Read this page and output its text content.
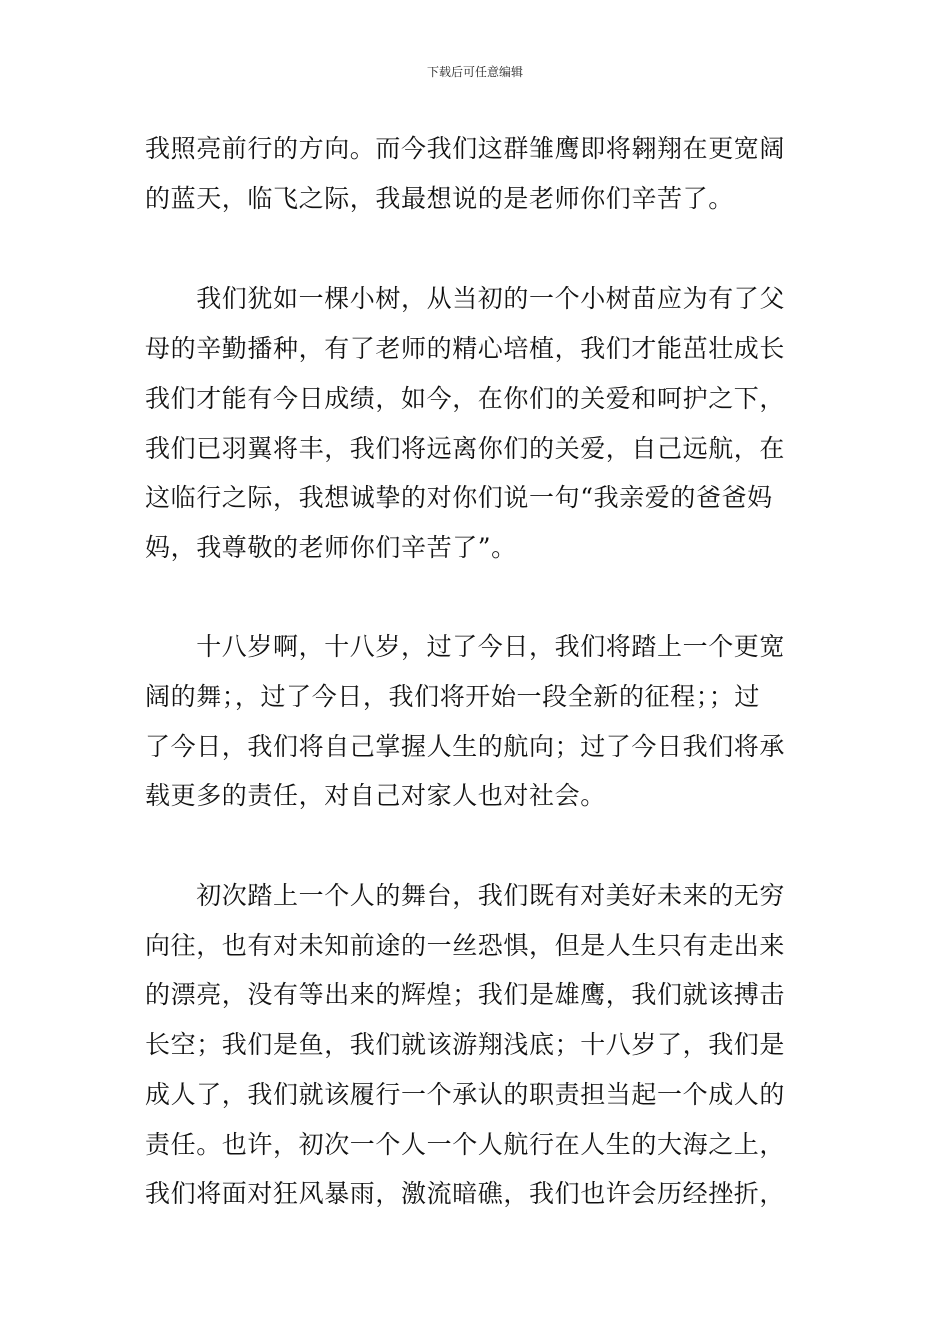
下载后可任意编辑
我照亮前行的方向。而今我们这群雏鹰即将翱翔在更宽阔
的蓝天，临飞之际，我最想说的是老师你们辛苦了。
　　我们犹如一棵小树，从当初的一个小树苗应为有了父
母的辛勤播种，有了老师的精心培植，我们才能茁壮成长
我们才能有今日成绩，如今，在你们的关爱和呵护之下，
我们已羽翼将丰，我们将远离你们的关爱，自己远航，在
这临行之际，我想诚挚的对你们说一句“我亲爱的爸爸妈
妈，我尊敬的老师你们辛苦了”。
　　十八岁啊，十八岁，过了今日，我们将踏上一个更宽
阔的舞；，过了今日，我们将开始一段全新的征程；；过
了今日，我们将自己掌握人生的航向；过了今日我们将承
载更多的责任，对自己对家人也对社会。
　　初次踏上一个人的舞台，我们既有对美好未来的无穷
向往，也有对未知前途的一丝恐惧，但是人生只有走出来
的漂亮，没有等出来的辉煌；我们是雄鹰，我们就该搏击
长空；我们是鱼，我们就该游翔浅底；十八岁了，我们是
成人了，我们就该履行一个承认的职责担当起一个成人的
责任。也许，初次一个人一个人航行在人生的大海之上，
我们将面对狂风暴雨，激流暗礁，我们也许会历经挫折，
